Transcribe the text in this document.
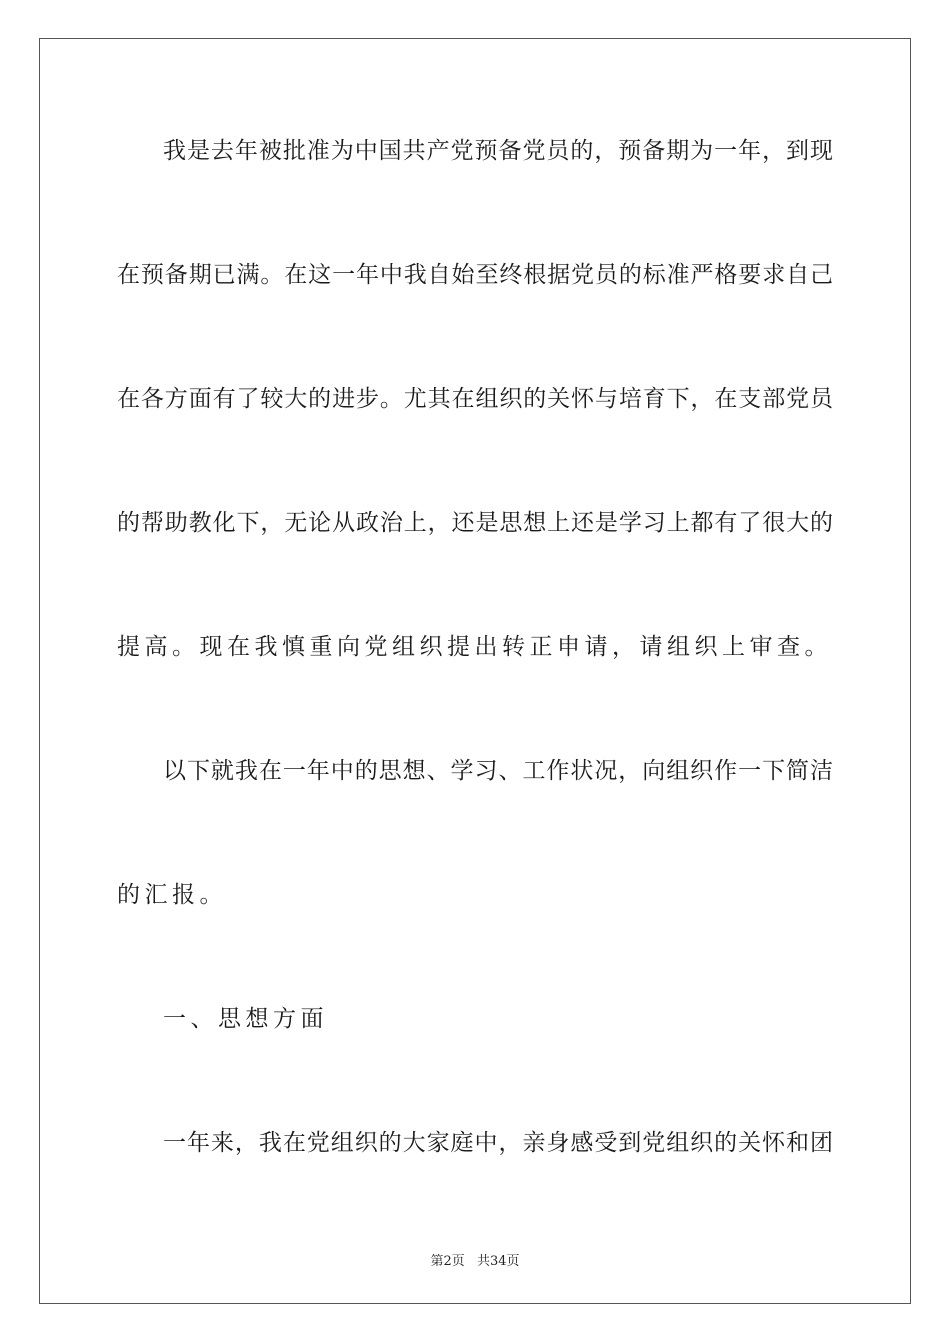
我是去年被批准为中国共产党预备党员的，预备期为一年，到现
在预备期已满。在这一年中我自始至终根据党员的标准严格要求自己
在各方面有了较大的进步。尤其在组织的关怀与培育下，在支部党员
的帮助教化下，无论从政治上，还是思想上还是学习上都有了很大的
提高。现在我慎重向党组织提出转正申请，请组织上审查。
以下就我在一年中的思想、学习、工作状况，向组织作一下简洁
的汇报。
一、思想方面
一年来，我在党组织的大家庭中，亲身感受到党组织的关怀和团
第2页 共34页
